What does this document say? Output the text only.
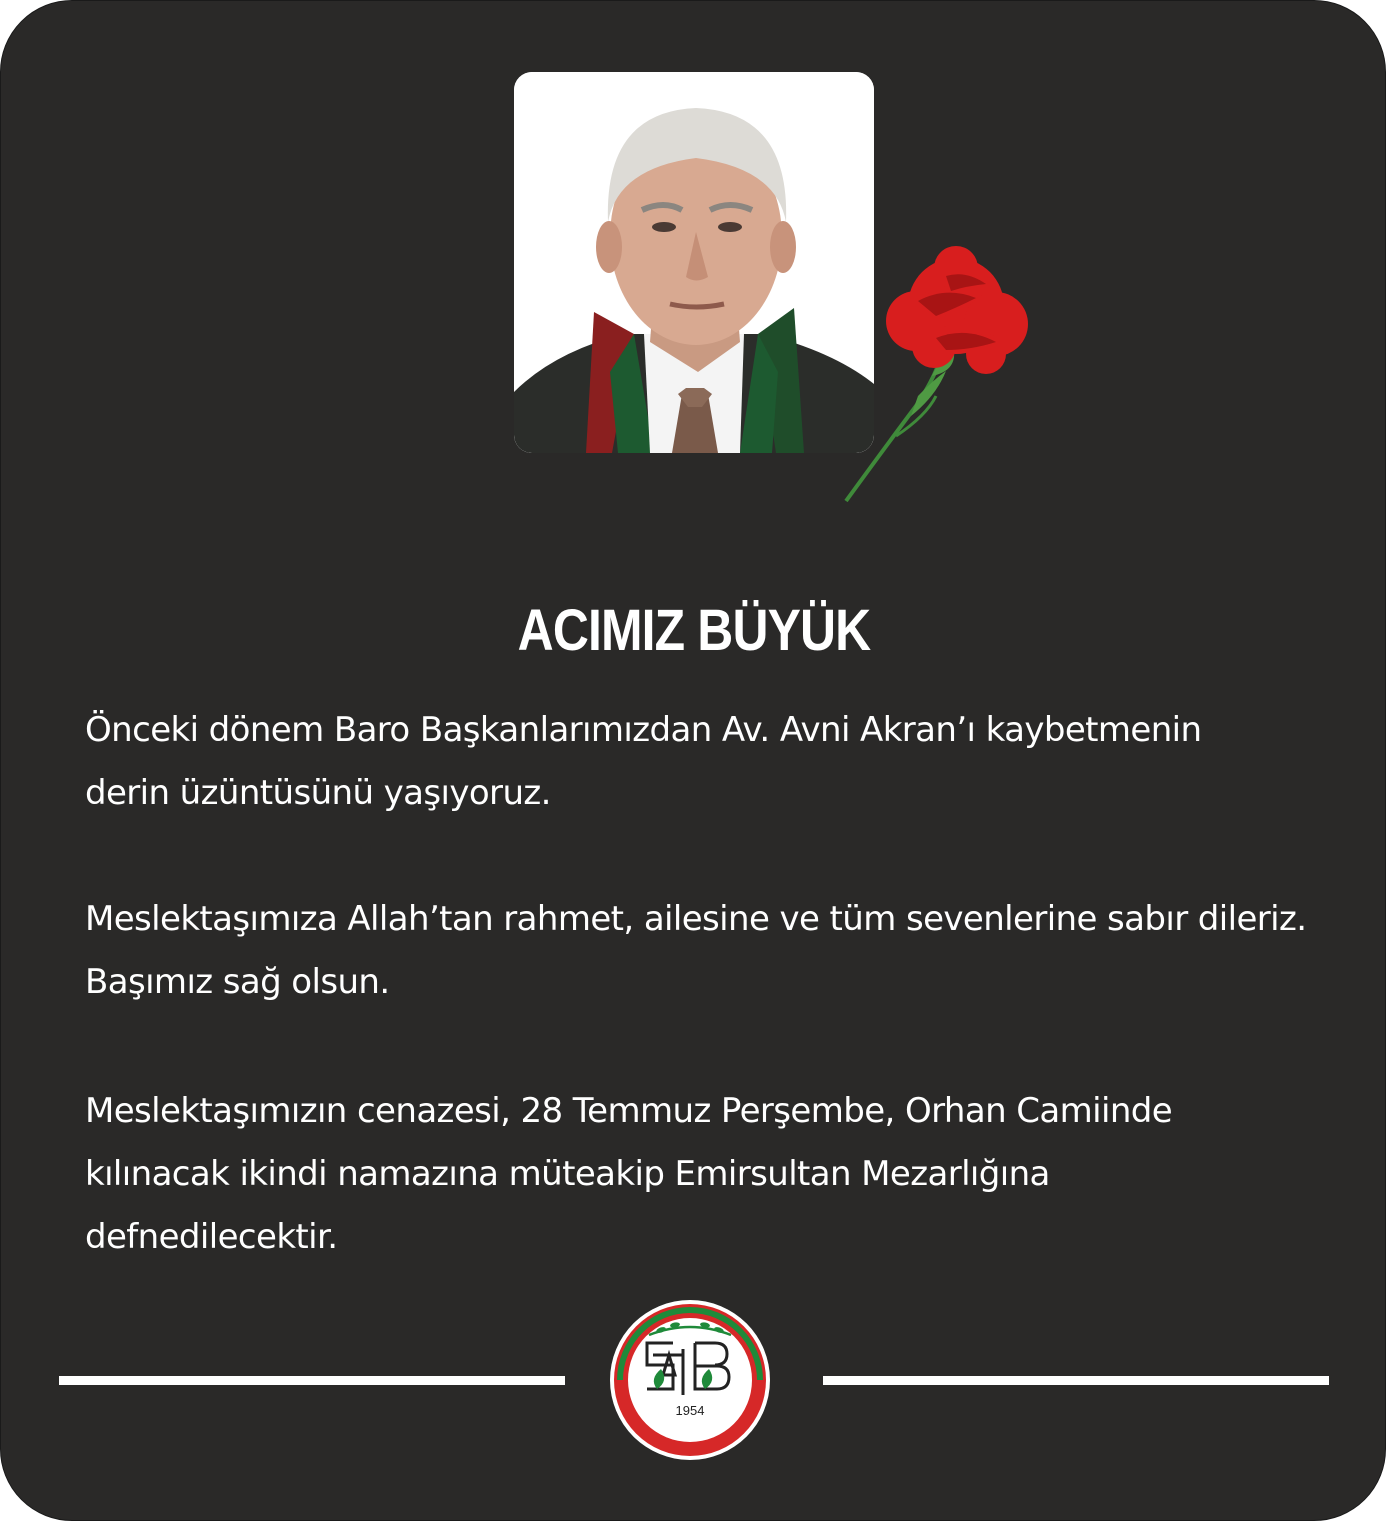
ACIMIZ BÜYÜK
Önceki dönem Baro Başkanlarımızdan Av. Avni Akran’ı kaybetmenin
derin üzüntüsünü yaşıyoruz.
Meslektaşımıza Allah’tan rahmet, ailesine ve tüm sevenlerine sabır dileriz.
Başımız sağ olsun.
Meslektaşımızın cenazesi, 28 Temmuz Perşembe, Orhan Camiinde
kılınacak ikindi namazına müteakip Emirsultan Mezarlığına
defnedilecektir.
1954
SAKARYA BAROSU
